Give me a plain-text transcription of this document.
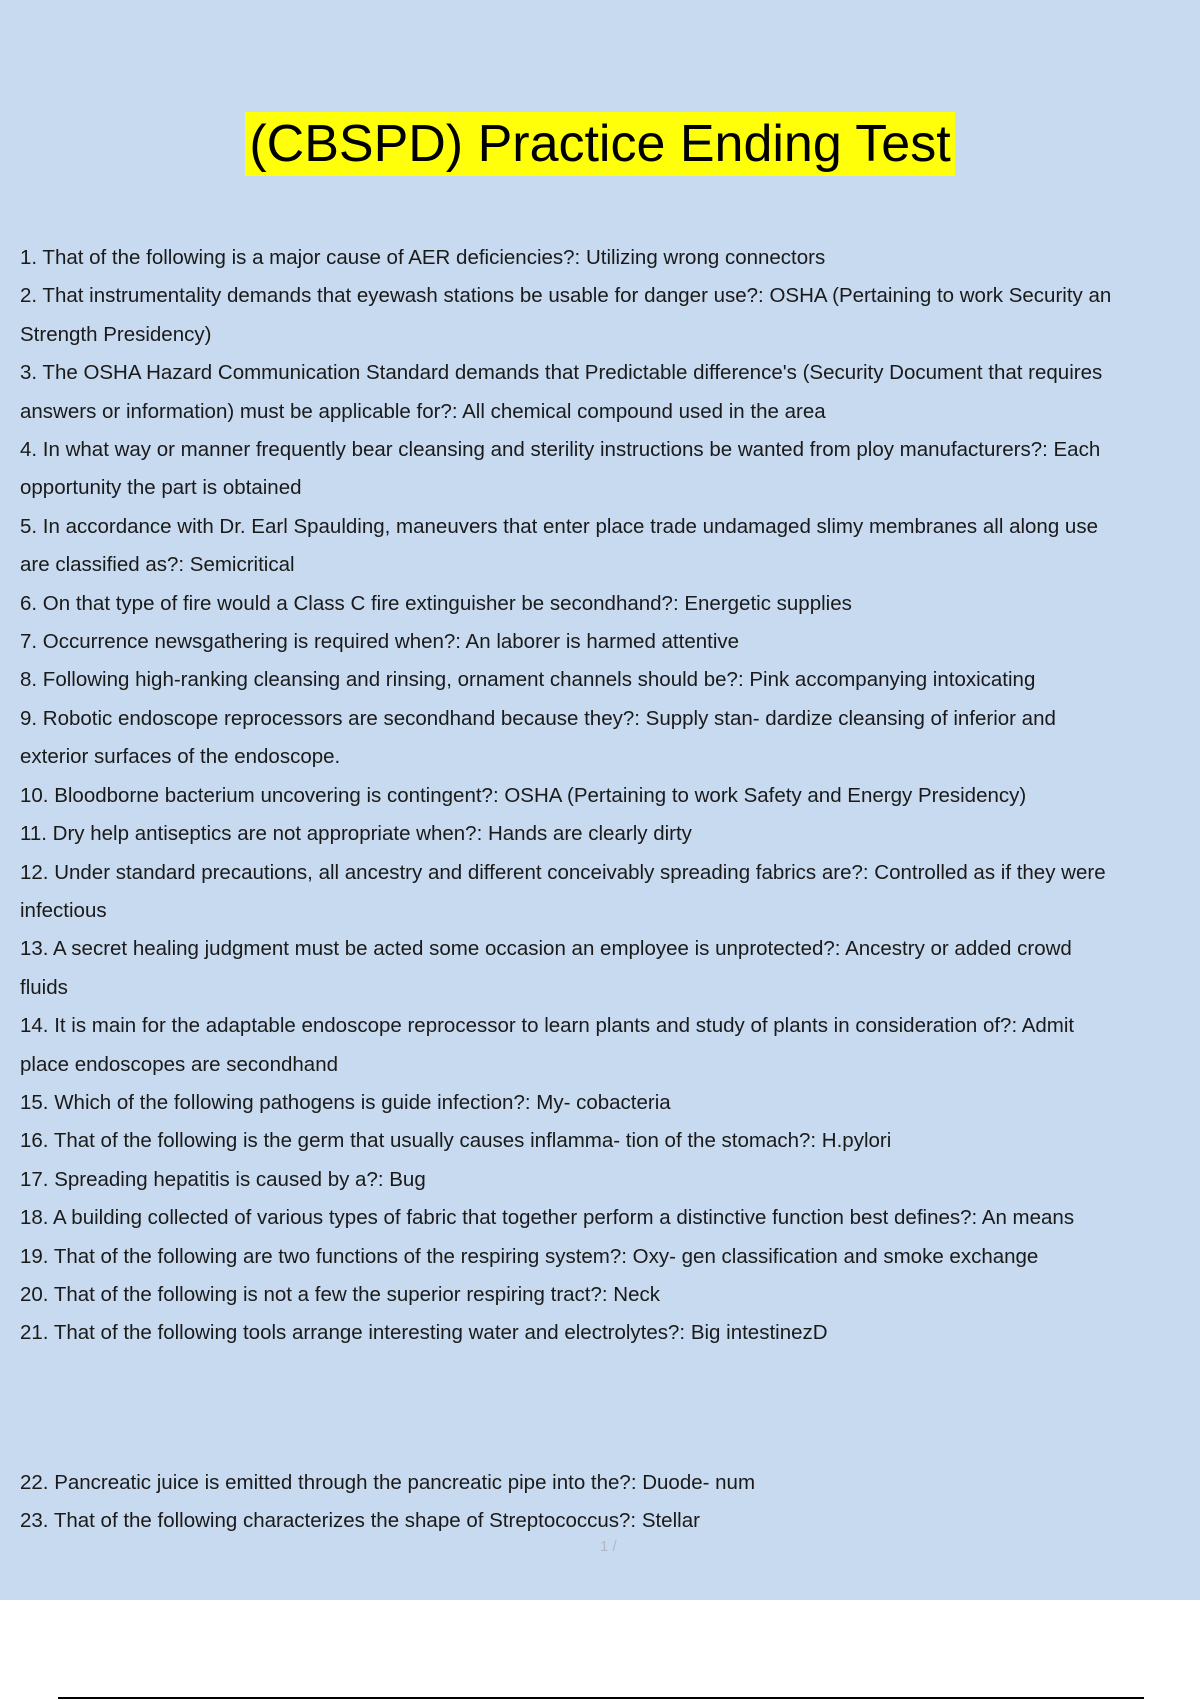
(CBSPD) Practice Ending Test
1. That of the following is a major cause of AER deficiencies?: Utilizing wrong connectors
2. That instrumentality demands that eyewash stations be usable for danger use?: OSHA (Pertaining to work Security an
Strength Presidency)
3. The OSHA Hazard Communication Standard demands that Predictable difference's (Security Document that requires
answers or information) must be applicable for?: All chemical compound used in the area
4. In what way or manner frequently bear cleansing and sterility instructions be wanted from ploy manufacturers?: Each
opportunity the part is obtained
5. In accordance with Dr. Earl Spaulding, maneuvers that enter place trade undamaged slimy membranes all along use
are classified as?: Semicritical
6. On that type of fire would a Class C fire extinguisher be secondhand?: Energetic supplies
7. Occurrence newsgathering is required when?: An laborer is harmed attentive
8. Following high-ranking cleansing and rinsing, ornament channels should be?: Pink accompanying intoxicating
9. Robotic endoscope reprocessors are secondhand because they?: Supply stan- dardize cleansing of inferior and
exterior surfaces of the endoscope.
10. Bloodborne bacterium uncovering is contingent?: OSHA (Pertaining to work Safety and Energy Presidency)
11. Dry help antiseptics are not appropriate when?: Hands are clearly dirty
12. Under standard precautions, all ancestry and different conceivably spreading fabrics are?: Controlled as if they were
infectious
13. A secret healing judgment must be acted some occasion an employee is unprotected?: Ancestry or added crowd
fluids
14. It is main for the adaptable endoscope reprocessor to learn plants and study of plants in consideration of?: Admit
place endoscopes are secondhand
15. Which of the following pathogens is guide infection?: My- cobacteria
16. That of the following is the germ that usually causes inflamma- tion of the stomach?: H.pylori
17. Spreading hepatitis is caused by a?: Bug
18. A building collected of various types of fabric that together perform a distinctive function best defines?: An means
19. That of the following are two functions of the respiring system?: Oxy- gen classification and smoke exchange
20. That of the following is not a few the superior respiring tract?: Neck
21. That of the following tools arrange interesting water and electrolytes?: Big intestinezD
22. Pancreatic juice is emitted through the pancreatic pipe into the?: Duode- num
23. That of the following characterizes the shape of Streptococcus?: Stellar
1 /
